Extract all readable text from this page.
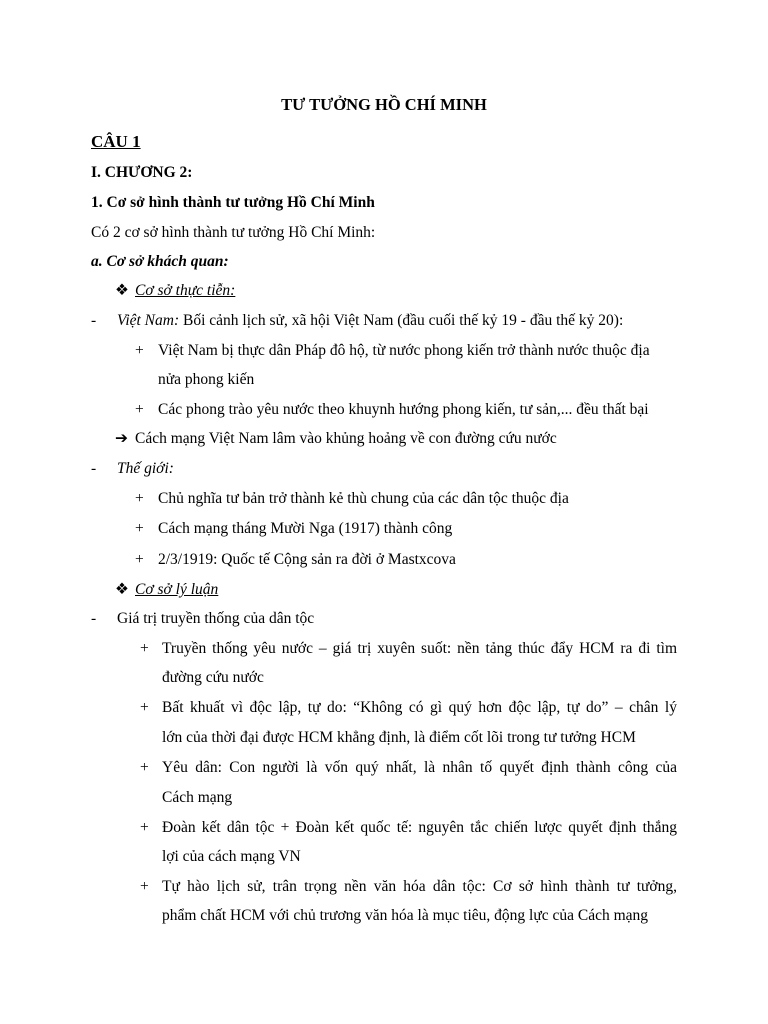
TƯ TƯỞNG HỒ CHÍ MINH
CÂU 1
I. CHƯƠNG 2:
1. Cơ sở hình thành tư tưởng Hồ Chí Minh
Có 2 cơ sở hình thành tư tưởng Hồ Chí Minh:
a. Cơ sở khách quan:
❖ Cơ sở thực tiễn:
- Việt Nam: Bối cảnh lịch sử, xã hội Việt Nam (đầu cuối thế kỷ 19 - đầu thế kỷ 20):
+ Việt Nam bị thực dân Pháp đô hộ, từ nước phong kiến trở thành nước thuộc địa
nửa phong kiến
+ Các phong trào yêu nước theo khuynh hướng phong kiến, tư sản,... đều thất bại
➔ Cách mạng Việt Nam lâm vào khủng hoảng về con đường cứu nước
- Thế giới:
+ Chủ nghĩa tư bản trở thành kẻ thù chung của các dân tộc thuộc địa
+ Cách mạng tháng Mười Nga (1917) thành công
+ 2/3/1919: Quốc tế Cộng sản ra đời ở Mastxcova
❖ Cơ sở lý luận
- Giá trị truyền thống của dân tộc
+ Truyền thống yêu nước – giá trị xuyên suốt: nền tảng thúc đẩy HCM ra đi tìm
đường cứu nước
+ Bất khuất vì độc lập, tự do: “Không có gì quý hơn độc lập, tự do” – chân lý
lớn của thời đại được HCM khẳng định, là điểm cốt lõi trong tư tưởng HCM
+ Yêu dân: Con người là vốn quý nhất, là nhân tố quyết định thành công của
Cách mạng
+ Đoàn kết dân tộc + Đoàn kết quốc tế: nguyên tắc chiến lược quyết định thắng
lợi của cách mạng VN
+ Tự hào lịch sử, trân trọng nền văn hóa dân tộc: Cơ sở hình thành tư tưởng,
phẩm chất HCM với chủ trương văn hóa là mục tiêu, động lực của Cách mạng
